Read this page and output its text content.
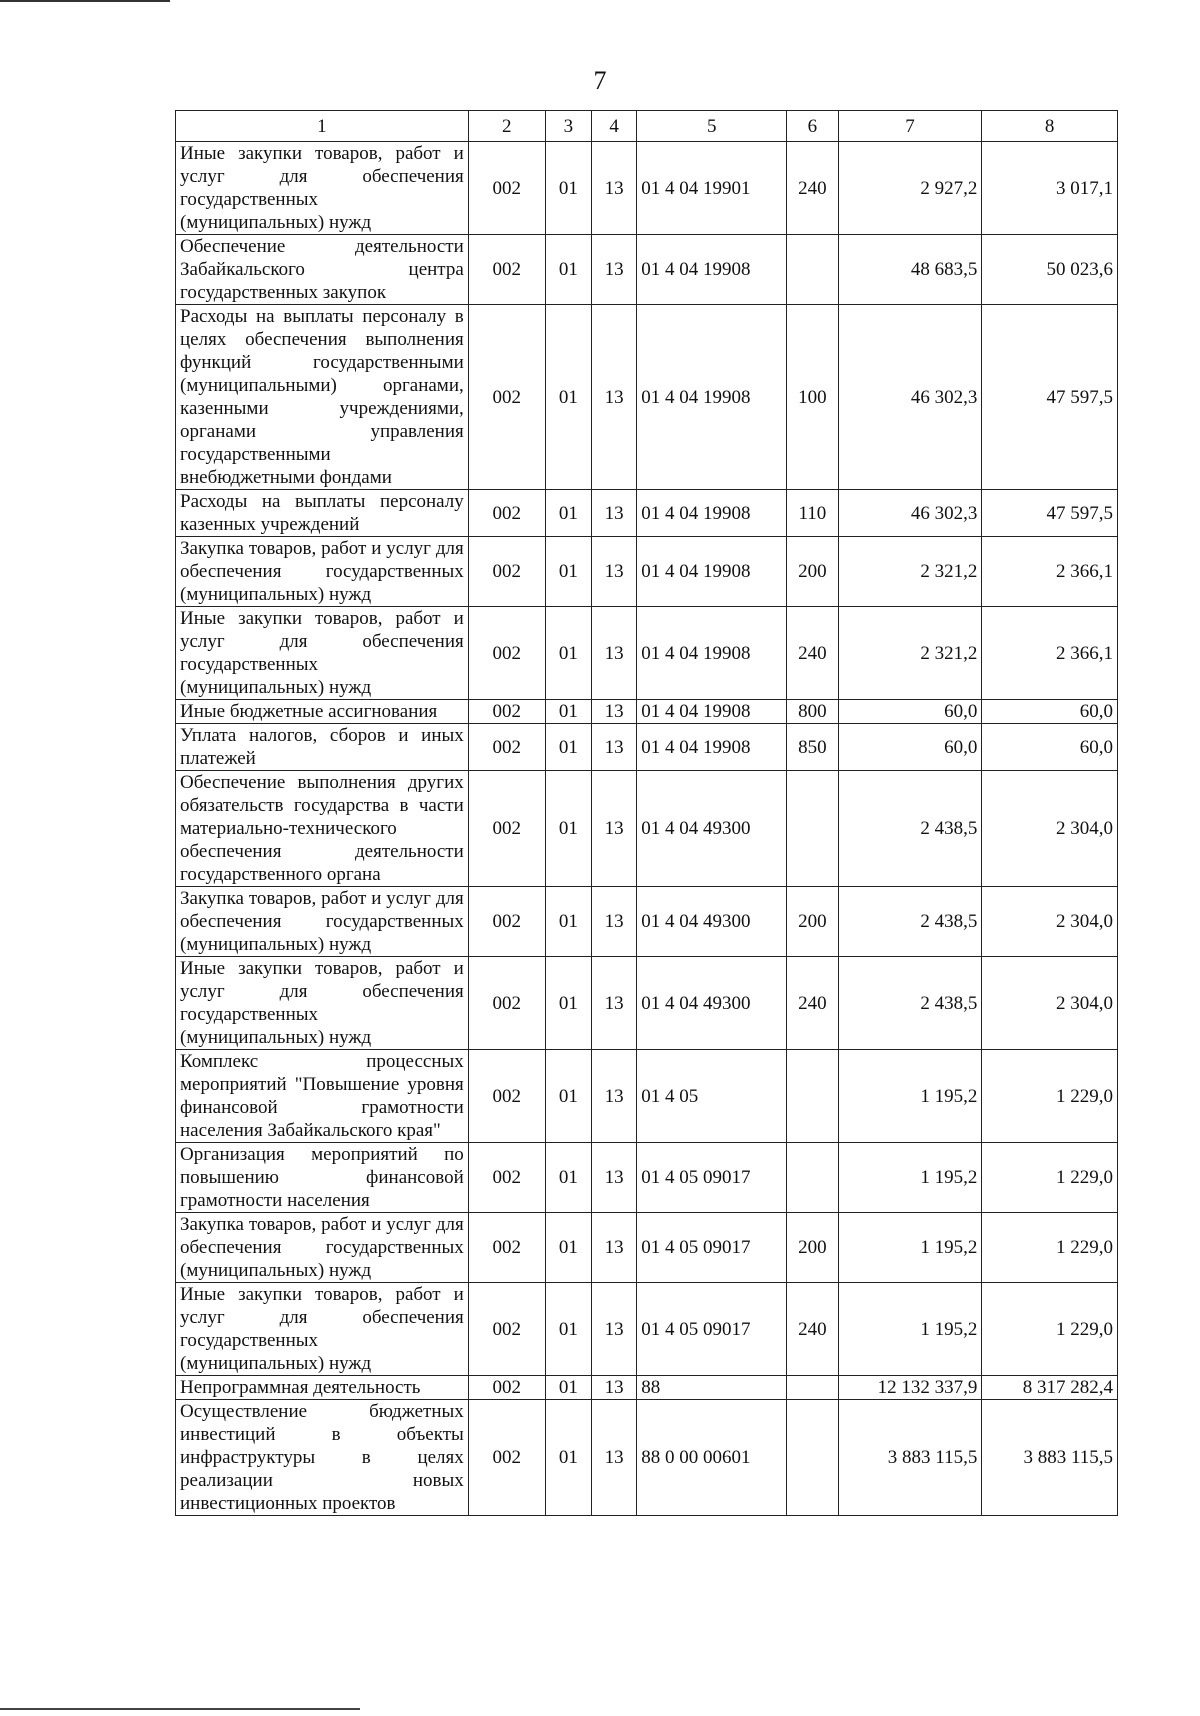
7
1	2	3	4	5	6	7	8
Иные закупки товаров, работ и услуг для обеспечения государственных (муниципальных) нужд	002	01	13	01 4 04 19901	240	2 927,2	3 017,1
Обеспечение деятельности Забайкальского центра государственных закупок	002	01	13	01 4 04 19908		48 683,5	50 023,6
Расходы на выплаты персоналу в целях обеспечения выполнения функций государственными (муниципальными) органами, казенными учреждениями, органами управления государственными внебюджетными фондами	002	01	13	01 4 04 19908	100	46 302,3	47 597,5
Расходы на выплаты персоналу казенных учреждений	002	01	13	01 4 04 19908	110	46 302,3	47 597,5
Закупка товаров, работ и услуг для обеспечения государственных (муниципальных) нужд	002	01	13	01 4 04 19908	200	2 321,2	2 366,1
Иные закупки товаров, работ и услуг для обеспечения государственных (муниципальных) нужд	002	01	13	01 4 04 19908	240	2 321,2	2 366,1
Иные бюджетные ассигнования	002	01	13	01 4 04 19908	800	60,0	60,0
Уплата налогов, сборов и иных платежей	002	01	13	01 4 04 19908	850	60,0	60,0
Обеспечение выполнения других обязательств государства в части материально-технического обеспечения деятельности государственного органа	002	01	13	01 4 04 49300		2 438,5	2 304,0
Закупка товаров, работ и услуг для обеспечения государственных (муниципальных) нужд	002	01	13	01 4 04 49300	200	2 438,5	2 304,0
Иные закупки товаров, работ и услуг для обеспечения государственных (муниципальных) нужд	002	01	13	01 4 04 49300	240	2 438,5	2 304,0
Комплекс процессных мероприятий "Повышение уровня финансовой грамотности населения Забайкальского края"	002	01	13	01 4 05		1 195,2	1 229,0
Организация мероприятий по повышению финансовой грамотности населения	002	01	13	01 4 05 09017		1 195,2	1 229,0
Закупка товаров, работ и услуг для обеспечения государственных (муниципальных) нужд	002	01	13	01 4 05 09017	200	1 195,2	1 229,0
Иные закупки товаров, работ и услуг для обеспечения государственных (муниципальных) нужд	002	01	13	01 4 05 09017	240	1 195,2	1 229,0
Непрограммная деятельность	002	01	13	88		12 132 337,9	8 317 282,4
Осуществление бюджетных инвестиций в объекты инфраструктуры в целях реализации новых инвестиционных проектов	002	01	13	88 0 00 00601		3 883 115,5	3 883 115,5
